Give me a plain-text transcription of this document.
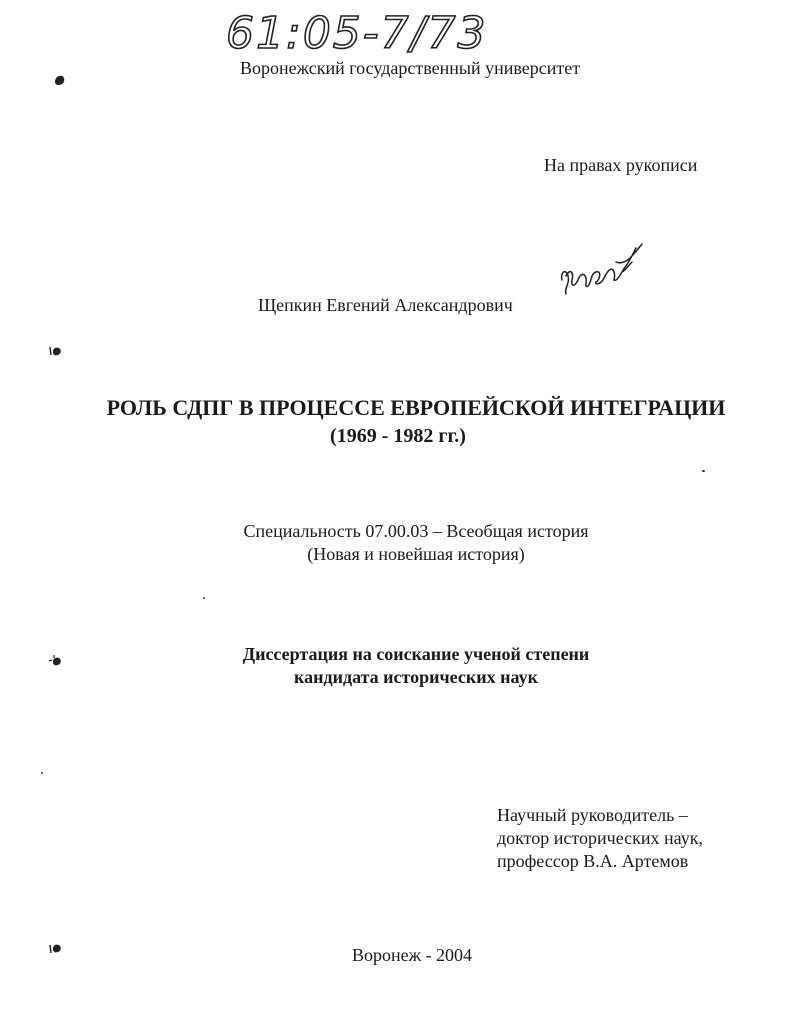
61:05-7/73
Воронежский государственный университет
На правах рукописи
Щепкин Евгений Александрович
РОЛЬ СДПГ В ПРОЦЕССЕ ЕВРОПЕЙСКОЙ ИНТЕГРАЦИИ
(1969 - 1982 гг.)
Специальность 07.00.03 – Всеобщая история
(Новая и новейшая история)
Диссертация на соискание ученой степени
кандидата исторических наук
Научный руководитель –
доктор исторических наук,
профессор В.А. Артемов
Воронеж - 2004
